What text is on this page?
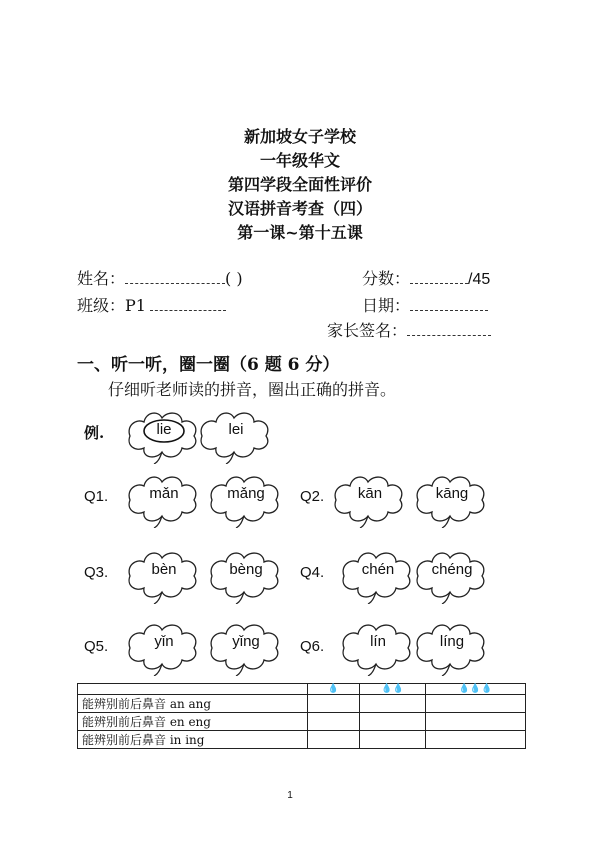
新加坡女子学校
一年级华文
第四学段全面性评价
汉语拼音考查（四）
第一课~第十五课
姓名：	( )	分数：	/45
班级：P1	日期：
家长签名：
一、听一听，圈一圈（6 题 6 分）
仔细听老师读的拼音，圈出正确的拼音。
例.	lie	lei
Q1.	mǎn	mǎng	Q2.	kān	kāng
Q3.	bèn	bèng	Q4.	chén	chéng
Q5.	yǐn	yǐng	Q6.	lín	líng
	💧	💧💧	💧💧💧
能辨别前后鼻音 an ang			
能辨别前后鼻音 en eng			
能辨别前后鼻音 in ing			
1
